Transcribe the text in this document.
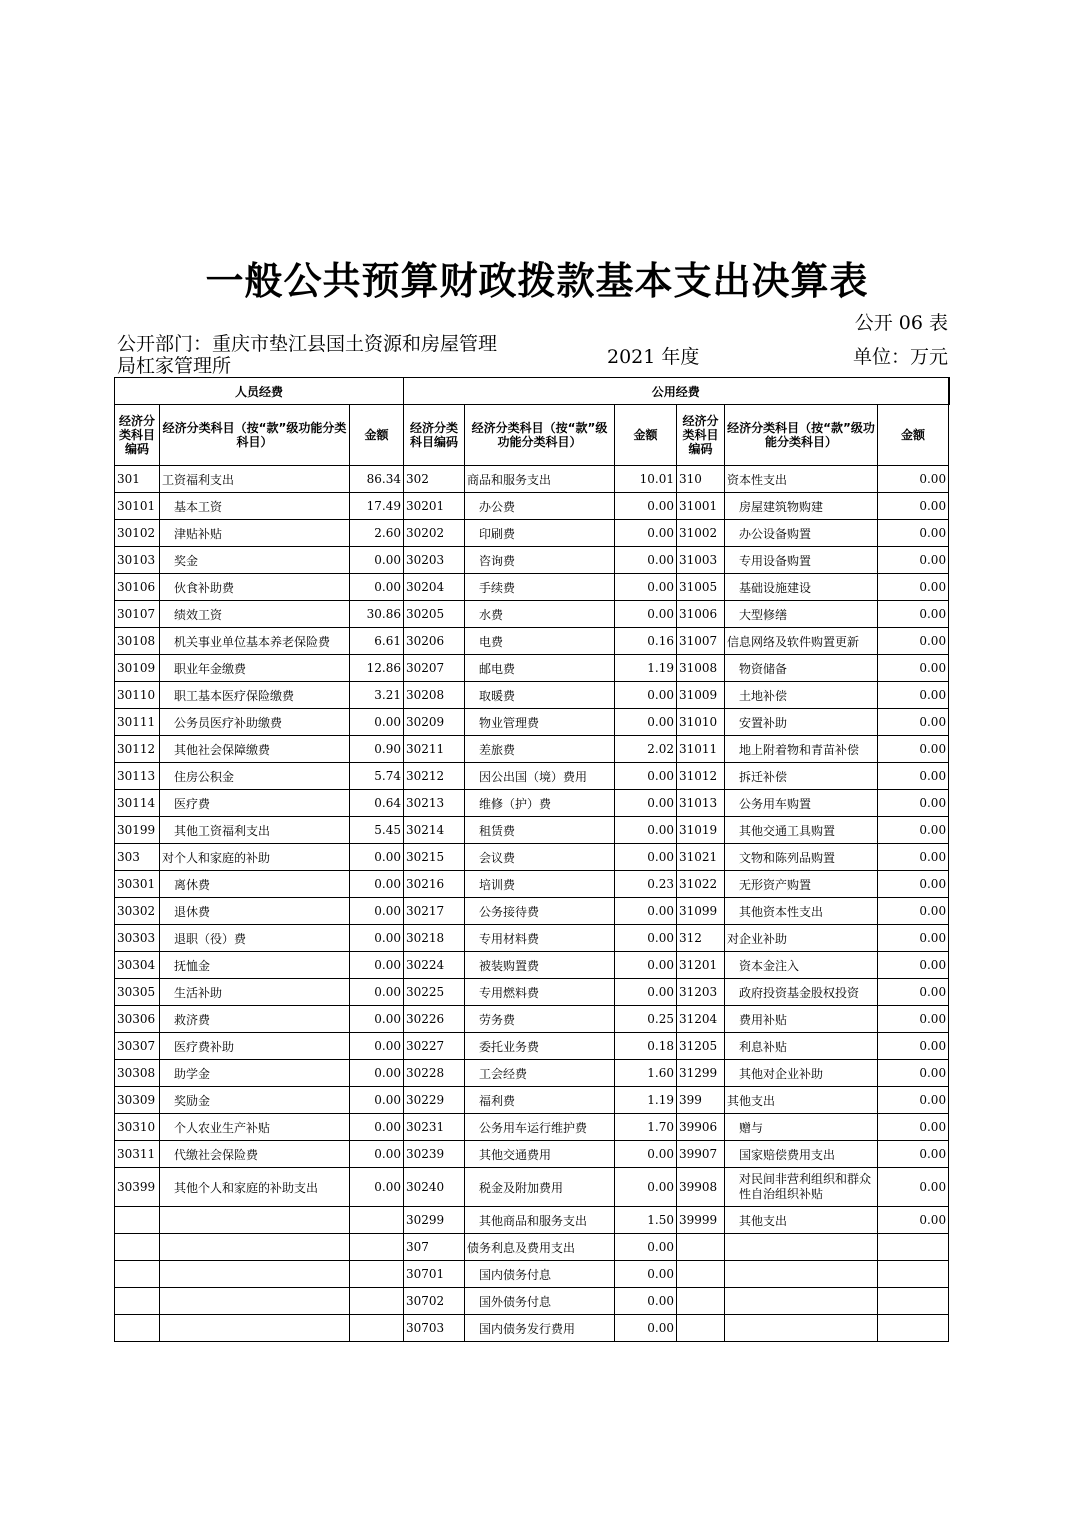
一般公共预算财政拨款基本支出决算表
公开 06 表
公开部门：重庆市垫江县国土资源和房屋管理局杠家管理所	2021 年度	单位：万元
人员经费			公用经费					
经济分类科目编码	经济分类科目（按“款”级功能分类科目）	金额	经济分类科目编码	经济分类科目（按“款”级功能分类科目）	金额	经济分类科目编码	经济分类科目（按“款”级功能分类科目）	金额
301	工资福利支出	86.34	302	商品和服务支出	10.01	310	资本性支出	0.00
30101	基本工资	17.49	30201	办公费	0.00	31001	房屋建筑物购建	0.00
30102	津贴补贴	2.60	30202	印刷费	0.00	31002	办公设备购置	0.00
30103	奖金	0.00	30203	咨询费	0.00	31003	专用设备购置	0.00
30106	伙食补助费	0.00	30204	手续费	0.00	31005	基础设施建设	0.00
30107	绩效工资	30.86	30205	水费	0.00	31006	大型修缮	0.00
30108	机关事业单位基本养老保险费	6.61	30206	电费	0.16	31007	信息网络及软件购置更新	0.00
30109	职业年金缴费	12.86	30207	邮电费	1.19	31008	物资储备	0.00
30110	职工基本医疗保险缴费	3.21	30208	取暖费	0.00	31009	土地补偿	0.00
30111	公务员医疗补助缴费	0.00	30209	物业管理费	0.00	31010	安置补助	0.00
30112	其他社会保障缴费	0.90	30211	差旅费	2.02	31011	地上附着物和青苗补偿	0.00
30113	住房公积金	5.74	30212	因公出国（境）费用	0.00	31012	拆迁补偿	0.00
30114	医疗费	0.64	30213	维修（护）费	0.00	31013	公务用车购置	0.00
30199	其他工资福利支出	5.45	30214	租赁费	0.00	31019	其他交通工具购置	0.00
303	对个人和家庭的补助	0.00	30215	会议费	0.00	31021	文物和陈列品购置	0.00
30301	离休费	0.00	30216	培训费	0.23	31022	无形资产购置	0.00
30302	退休费	0.00	30217	公务接待费	0.00	31099	其他资本性支出	0.00
30303	退职（役）费	0.00	30218	专用材料费	0.00	312	对企业补助	0.00
30304	抚恤金	0.00	30224	被装购置费	0.00	31201	资本金注入	0.00
30305	生活补助	0.00	30225	专用燃料费	0.00	31203	政府投资基金股权投资	0.00
30306	救济费	0.00	30226	劳务费	0.25	31204	费用补贴	0.00
30307	医疗费补助	0.00	30227	委托业务费	0.18	31205	利息补贴	0.00
30308	助学金	0.00	30228	工会经费	1.60	31299	其他对企业补助	0.00
30309	奖励金	0.00	30229	福利费	1.19	399	其他支出	0.00
30310	个人农业生产补贴	0.00	30231	公务用车运行维护费	1.70	39906	赠与	0.00
30311	代缴社会保险费	0.00	30239	其他交通费用	0.00	39907	国家赔偿费用支出	0.00
30399	其他个人和家庭的补助支出	0.00	30240	税金及附加费用	0.00	39908	对民间非营利组织和群众性自治组织补贴	0.00
			30299	其他商品和服务支出	1.50	39999	其他支出	0.00
			307	债务利息及费用支出	0.00			
			30701	国内债务付息	0.00			
			30702	国外债务付息	0.00			
			30703	国内债务发行费用	0.00			
